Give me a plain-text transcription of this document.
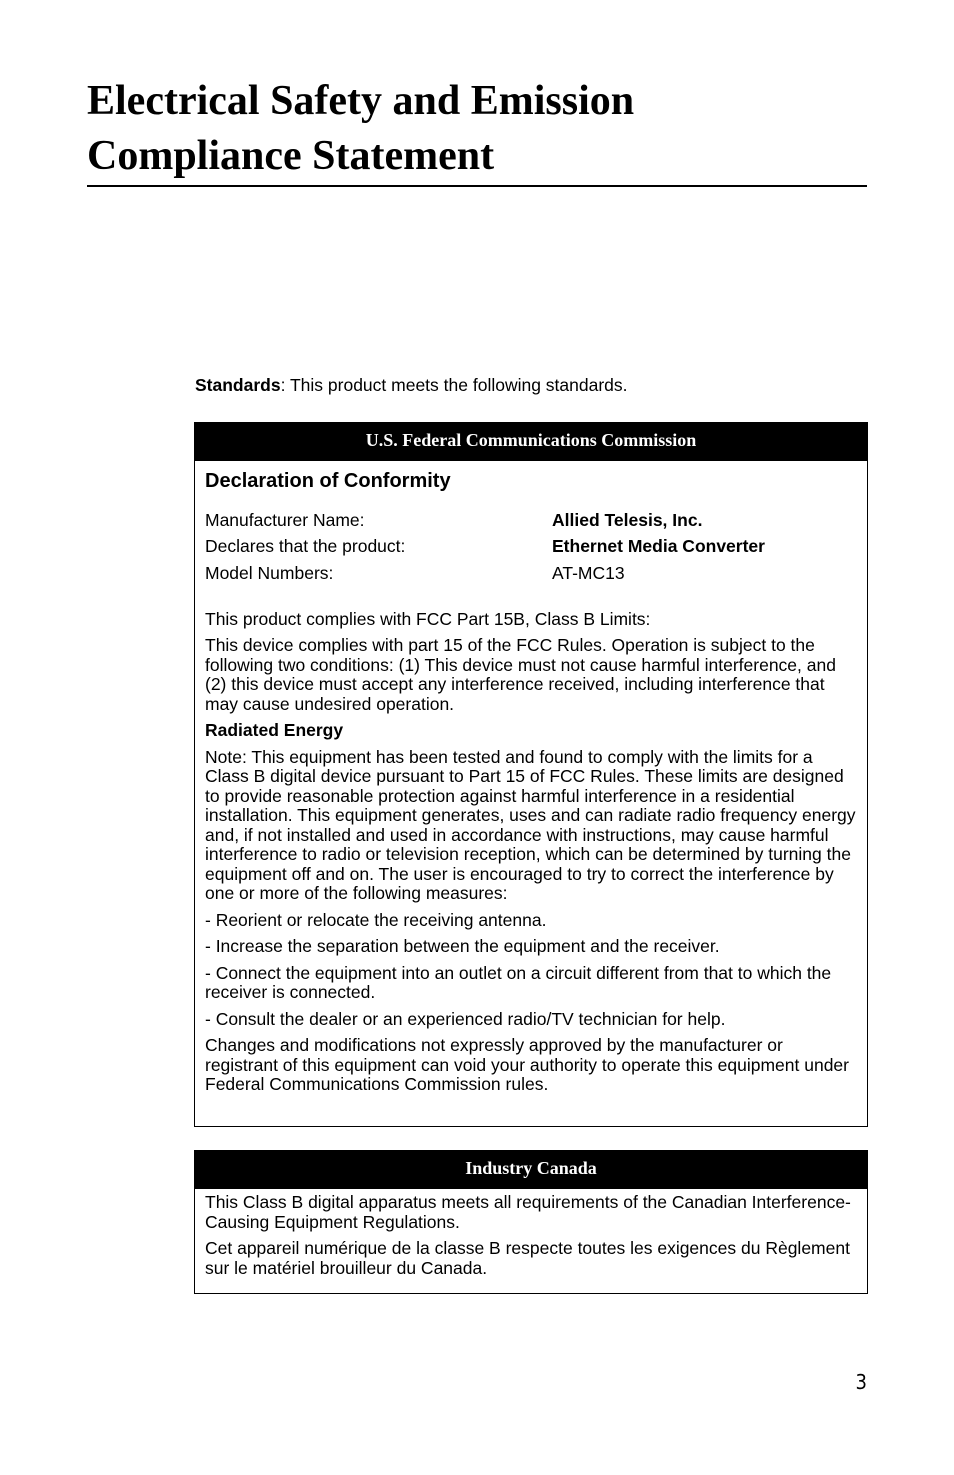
Electrical Safety and Emission
Compliance Statement
Standards: This product meets the following standards.
U.S. Federal Communications Commission
Declaration of Conformity
Manufacturer Name:	Allied Telesis, Inc.
Declares that the product:	Ethernet Media Converter
Model Numbers:	AT-MC13

This product complies with FCC Part 15B, Class B Limits:

This device complies with part 15 of the FCC Rules. Operation is subject to the following two conditions: (1) This device must not cause harmful interference, and (2) this device must accept any interference received, including interference that may cause undesired operation.

Radiated Energy

Note: This equipment has been tested and found to comply with the limits for a Class B digital device pursuant to Part 15 of FCC Rules. These limits are designed to provide reasonable protection against harmful interference in a residential installation. This equipment generates, uses and can radiate radio frequency energy and, if not installed and used in accordance with instructions, may cause harmful interference to radio or television reception, which can be determined by turning the equipment off and on. The user is encouraged to try to correct the interference by one or more of the following measures:

- Reorient or relocate the receiving antenna.

- Increase the separation between the equipment and the receiver.

- Connect the equipment into an outlet on a circuit different from that to which the receiver is connected.

- Consult the dealer or an experienced radio/TV technician for help.

Changes and modifications not expressly approved by the manufacturer or registrant of this equipment can void your authority to operate this equipment under Federal Communications Commission rules.

Industry Canada

This Class B digital apparatus meets all requirements of the Canadian Interference-Causing Equipment Regulations.

Cet appareil numérique de la classe B respecte toutes les exigences du Règlement sur le matériel brouilleur du Canada.

3
